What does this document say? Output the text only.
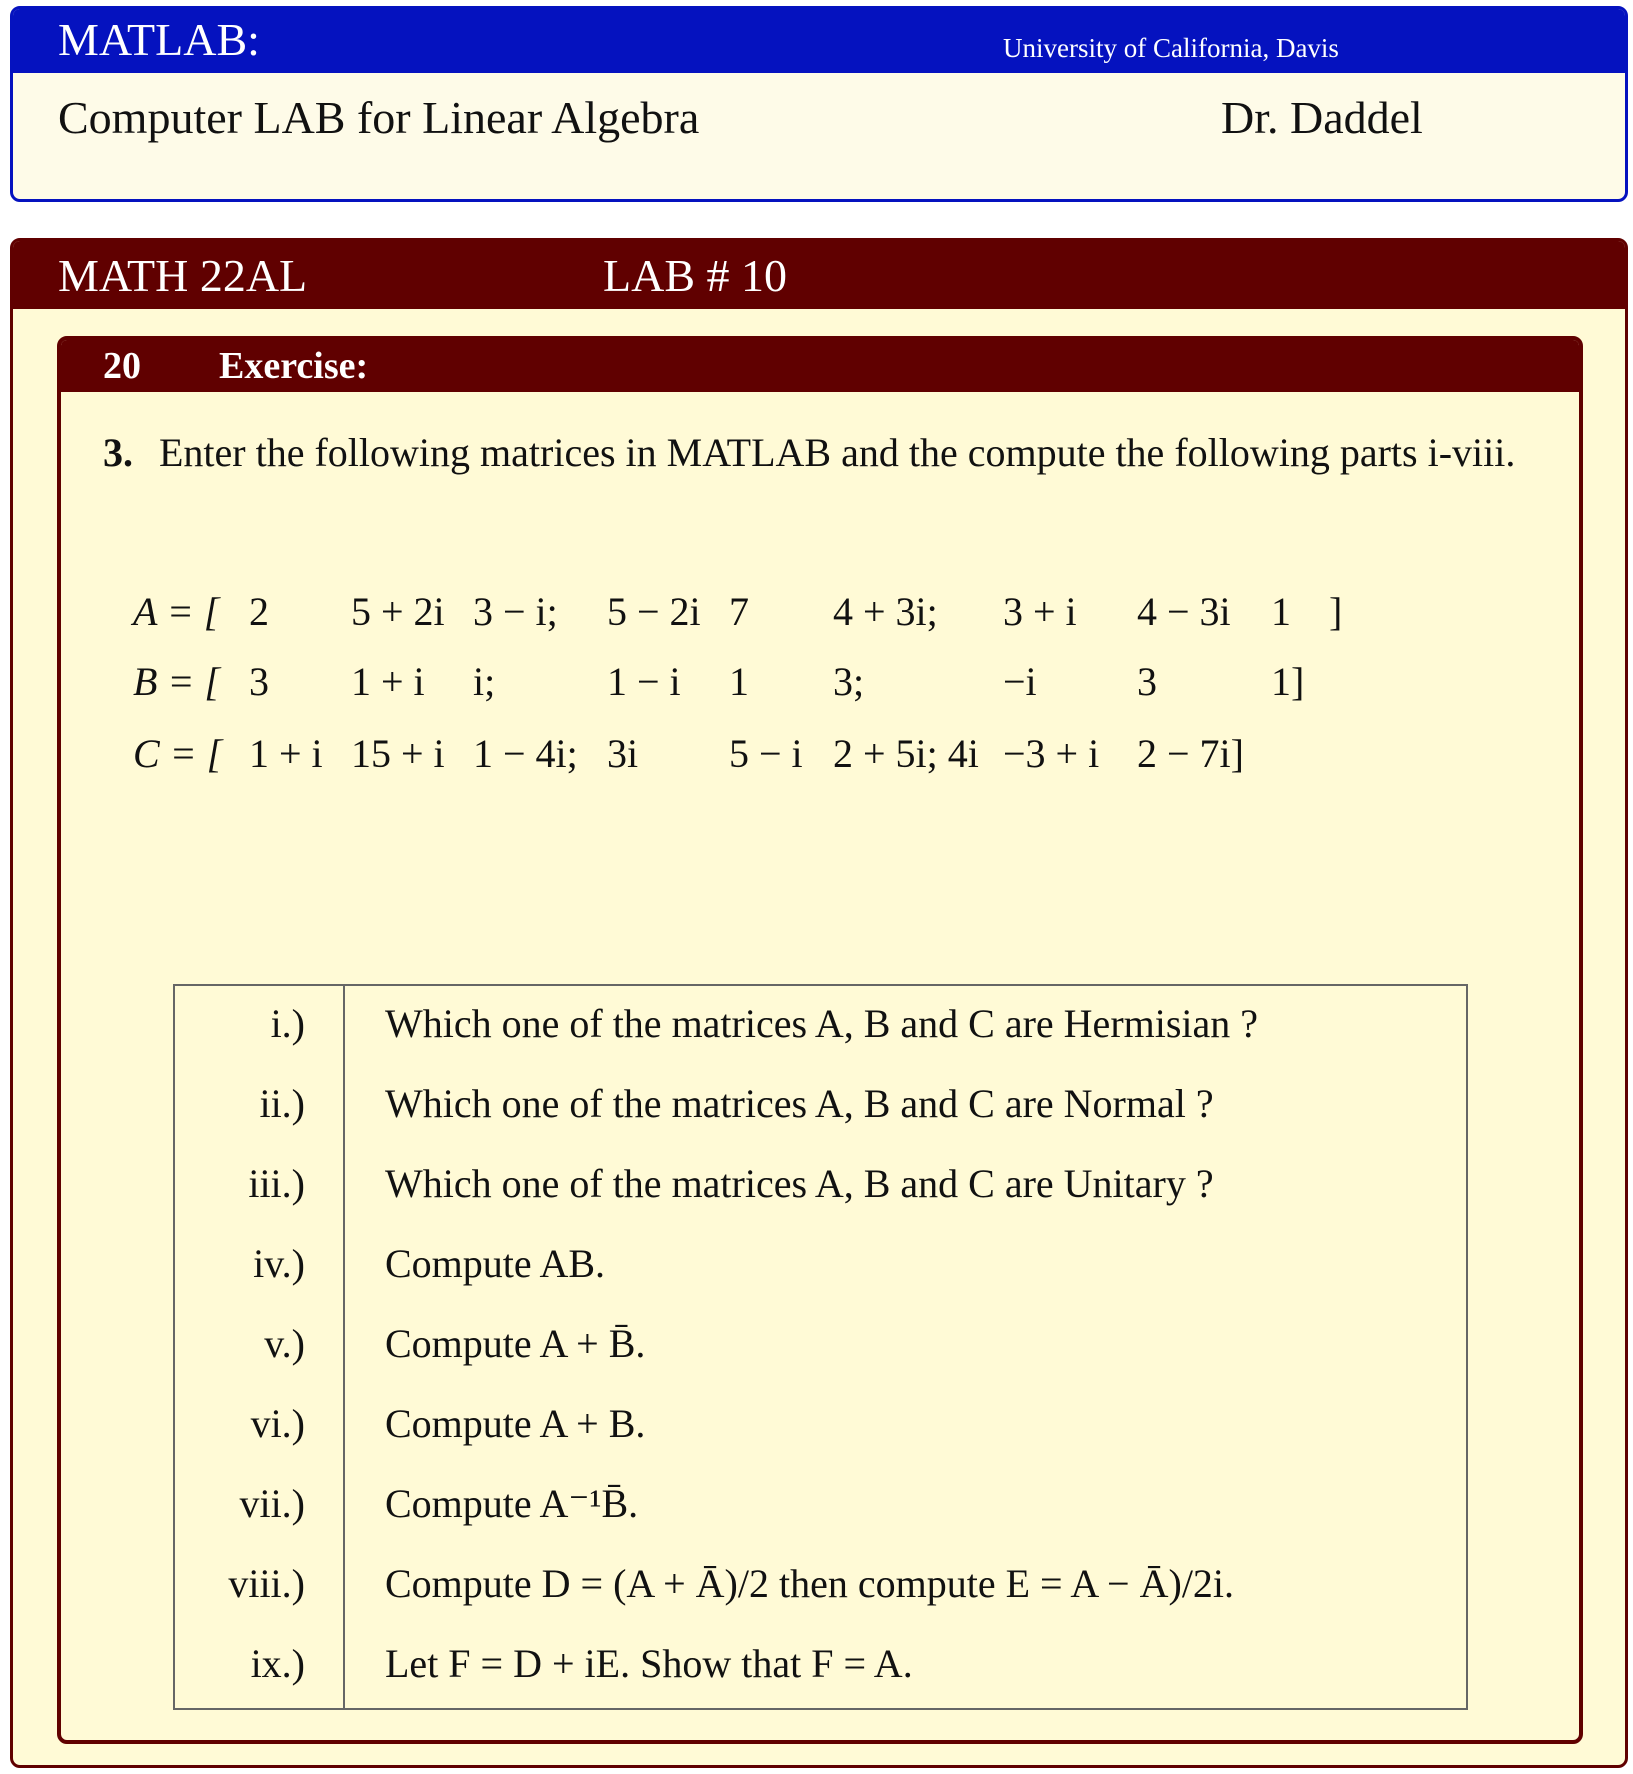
MATLAB:	University of California, Davis
Computer LAB for Linear Algebra	Dr. Daddel
MATH 22AL	LAB # 10
20 Exercise:
3. Enter the following matrices in MATLAB and the compute the following parts i-viii.
A = [ 2 5 + 2i 3 − i; 5 − 2i 7 4 + 3i; 3 + i 4 − 3i 1 ]
B = [ 3 1 + i i;	1 − i 1 3;	−i	3	1]
C = [ 1 + i 15 + i 1 − 4i; 3i 5 − i 2 + 5i; 4i −3 + i 2 − 7i]
i.) Which one of the matrices A, B and C are Hermisian ?
ii.) Which one of the matrices A, B and C are Normal ?
iii.) Which one of the matrices A, B and C are Unitary ?
iv.) Compute AB.
v.) Compute A + B̄.
vi.) Compute A + B.
vii.) Compute A⁻¹B̄.
viii.) Compute D = (A + Ā)/2 then compute E = A − Ā)/2i.
ix.) Let F = D + iE. Show that F = A.
